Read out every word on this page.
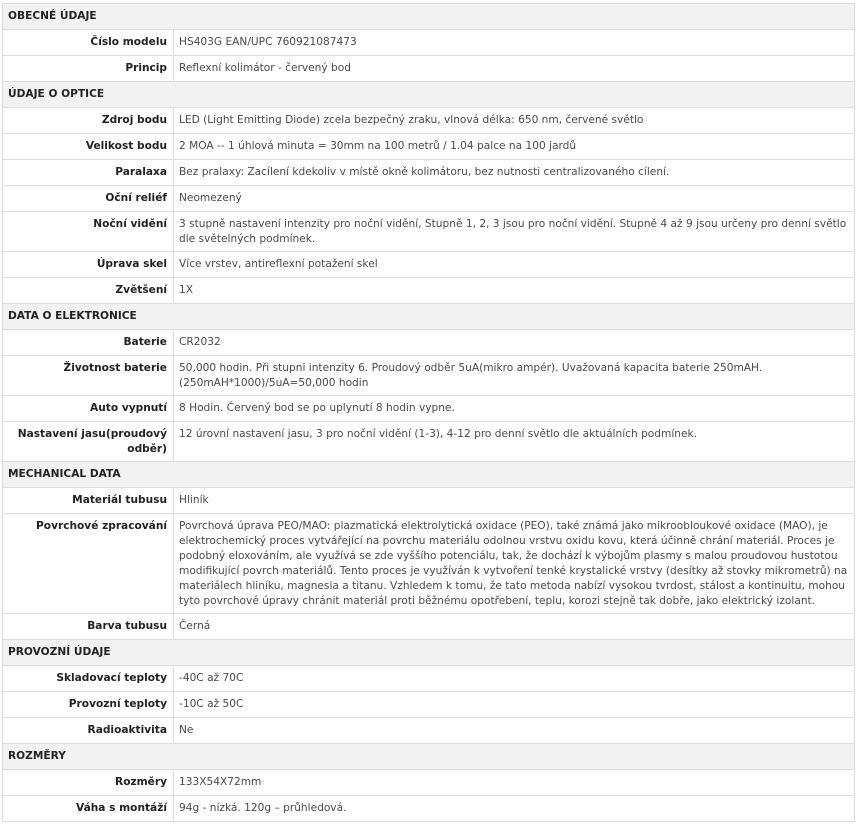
OBECNÉ ÚDAJE	
Číslo modelu	HS403G EAN/UPC 760921087473
Princip	Reflexní kolimátor - červený bod
ÚDAJE O OPTICE	
Zdroj bodu	LED (Light Emitting Diode) zcela bezpečný zraku, vlnová délka: 650 nm, červené světlo
Velikost bodu	2 MOA -- 1 úhlová minuta = 30mm na 100 metrů / 1.04 palce na 100 jardů
Paralaxa	Bez pralaxy: Zacílení kdekoliv v místě okně kolimátoru, bez nutnosti centralizovaného cílení.
Oční reliéf	Neomezený
Noční vidění	3 stupně nastavení intenzity pro noční vidění, Stupně 1, 2, 3 jsou pro noční vidění. Stupně 4 až 9 jsou určeny pro denní světlo dle světelných podmínek.
Úprava skel	Více vrstev, antireflexní potažení skel
Zvětšení	1X
DATA O ELEKTRONICE	
Baterie	CR2032
Životnost baterie	50,000 hodin. Při stupni intenzity 6. Proudový odběr 5uA(mikro ampér). Uvažovaná kapacita baterie 250mAH. (250mAH*1000)/5uA=50,000 hodin
Auto vypnutí	8 Hodin. Červený bod se po uplynutí 8 hodin vypne.
Nastavení jasu(proudový odběr)	12 úrovní nastavení jasu, 3 pro noční vidění (1-3), 4-12 pro denní světlo dle aktuálních podmínek.
MECHANICAL DATA	
Materiál tubusu	Hliník
Povrchové zpracování	Povrchová úprava PEO/MAO: plazmatická elektrolytická oxidace (PEO), také známá jako mikroobloukové oxidace (MAO), je elektrochemický proces vytvářející na povrchu materiálu odolnou vrstvu oxidu kovu, která účinně chrání materiál. Proces je podobný eloxováním, ale využívá se zde vyššího potenciálu, tak, že dochází k výbojům plasmy s malou proudovou hustotou modifikující povrch materiálů. Tento proces je využíván k vytvoření tenké krystalické vrstvy (desítky až stovky mikrometrů) na materiálech hliníku, magnesia a titanu. Vzhledem k tomu, že tato metoda nabízí vysokou tvrdost, stálost a kontinuitu, mohou tyto povrchové úpravy chránit materiál proti běžnému opotřebení, teplu, korozi stejně tak dobře, jako elektrický izolant.
Barva tubusu	Černá
PROVOZNÍ ÚDAJE	
Skladovací teploty	-40C až 70C
Provozní teploty	-10C až 50C
Radioaktivita	Ne
ROZMĚRY	
Rozměry	133X54X72mm
Váha s montáží	94g - nízká. 120g – průhledová.
